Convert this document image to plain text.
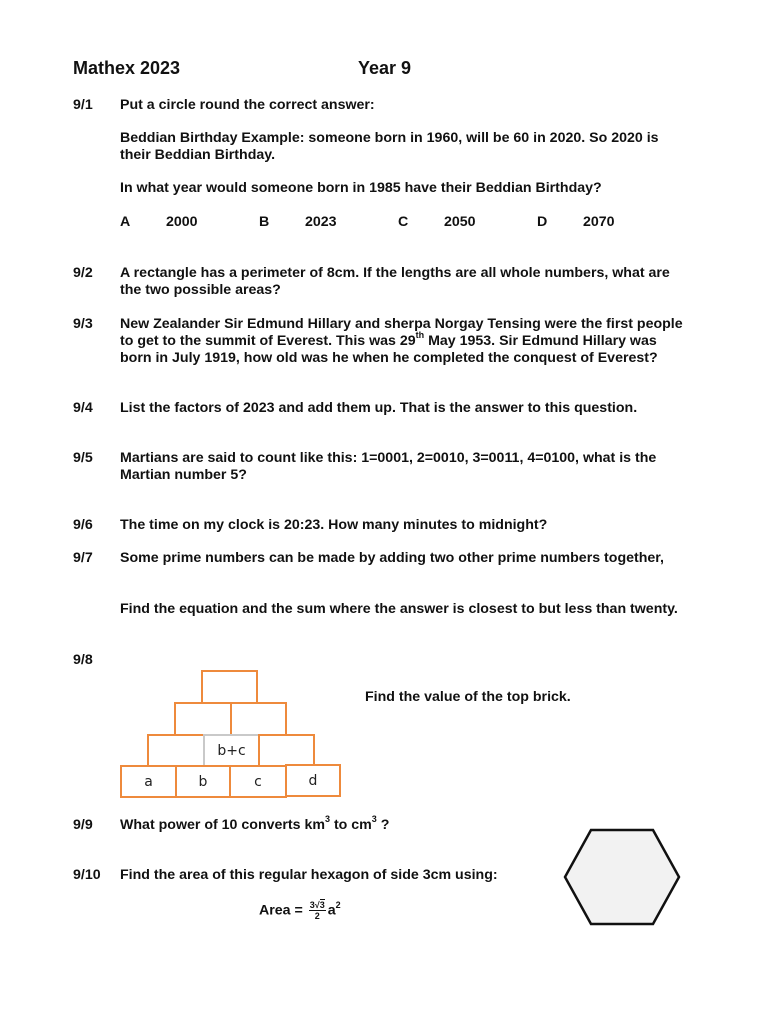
Mathex 2023	Year 9
9/1 Put a circle round the correct answer:
Beddian Birthday Example: someone born in 1960, will be 60 in 2020. So 2020 is their Beddian Birthday.
In what year would someone born in 1985 have their Beddian Birthday?
A	2000	B	2023	C	2050	D	2070
9/2 A rectangle has a perimeter of 8cm. If the lengths are all whole numbers, what are the two possible areas?
9/3 New Zealander Sir Edmund Hillary and sherpa Norgay Tensing were the first people to get to the summit of Everest. This was 29th May 1953. Sir Edmund Hillary was born in July 1919, how old was he when he completed the conquest of Everest?
9/4 List the factors of 2023 and add them up. That is the answer to this question.
9/5 Martians are said to count like this: 1=0001, 2=0010, 3=0011, 4=0100, what is the Martian number 5?
9/6 The time on my clock is 20:23. How many minutes to midnight?
9/7 Some prime numbers can be made by adding two other prime numbers together,
Find the equation and the sum where the answer is closest to but less than twenty.
9/8
Find the value of the top brick.
b+c
a	b	c	d
9/9 What power of 10 converts $km^3$ to $cm^3$ ?
9/10 Find the area of this regular hexagon of side 3cm using:
Area = $\frac{3√3}{2} a^2$
